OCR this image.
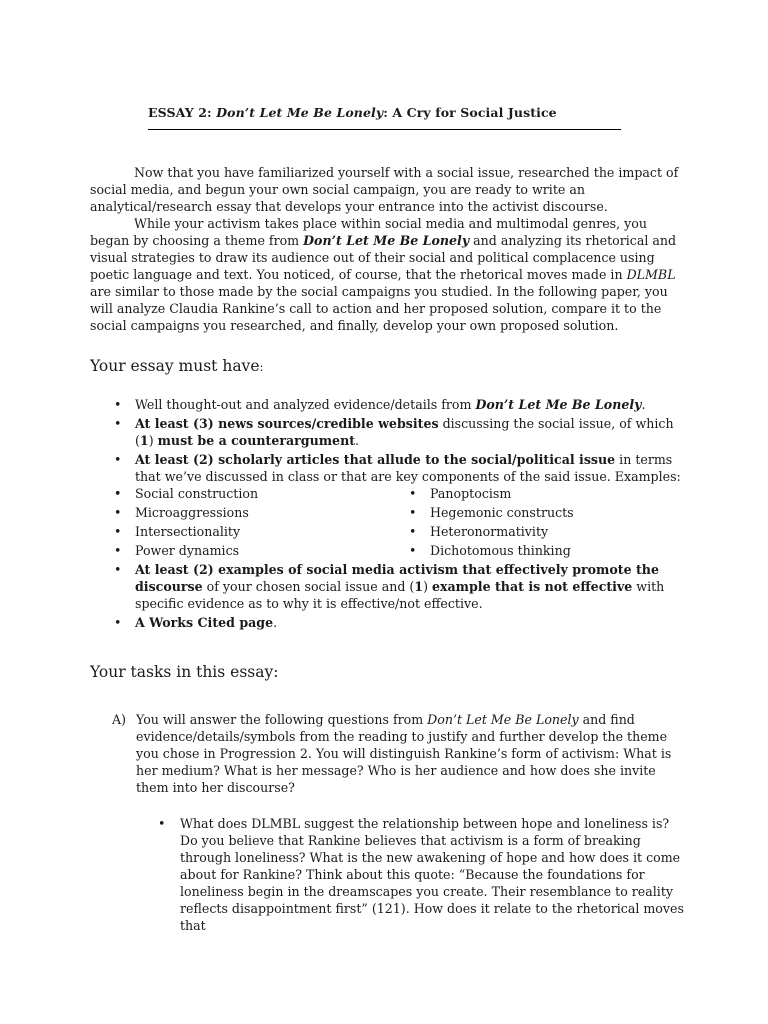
ESSAY 2: Don’t Let Me Be Lonely: A Cry for Social Justice

Now that you have familiarized yourself with a social issue, researched the impact of social media, and begun your own social campaign, you are ready to write an analytical/research essay that develops your entrance into the activist discourse.

While your activism takes place within social media and multimodal genres, you began by choosing a theme from Don’t Let Me Be Lonely and analyzing its rhetorical and visual strategies to draw its audience out of their social and political complacence using poetic language and text. You noticed, of course, that the rhetorical moves made in DLMBL are similar to those made by the social campaigns you studied. In the following paper, you will analyze Claudia Rankine’s call to action and her proposed solution, compare it to the social campaigns you researched, and finally, develop your own proposed solution.

Your essay must have:
• Well thought-out and analyzed evidence/details from Don’t Let Me Be Lonely.
• At least (3) news sources/credible websites discussing the social issue, of which (1) must be a counterargument.
• At least (2) scholarly articles that allude to the social/political issue in terms that we’ve discussed in class or that are key components of the said issue. Examples:
• • Social construction	• Panoptocism
• Microaggressions	• Hegemonic constructs
• Intersectionality	• Heteronormativity
• Power dynamics	• Dichotomous thinking
• At least (2) examples of social media activism that effectively promote the discourse of your chosen social issue and (1) example that is not effective with specific evidence as to why it is effective/not effective.
• A Works Cited page.
Your tasks in this essay:
A) You will answer the following questions from Don’t Let Me Be Lonely and find evidence/details/symbols from the reading to justify and further develop the theme you chose in Progression 2. You will distinguish Rankine’s form of activism: What is her medium? What is her message? Who is her audience and how does she invite them into her discourse?
•	What does DLMBL suggest the relationship between hope and loneliness is? Do you believe that Rankine believes that activism is a form of breaking through loneliness? What is the new awakening of hope and how does it come about for Rankine? Think about this quote: “Because the foundations for loneliness begin in the dreamscapes you create. Their resemblance to reality reflects disappointment first” (121). How does it relate to the rhetorical moves that
